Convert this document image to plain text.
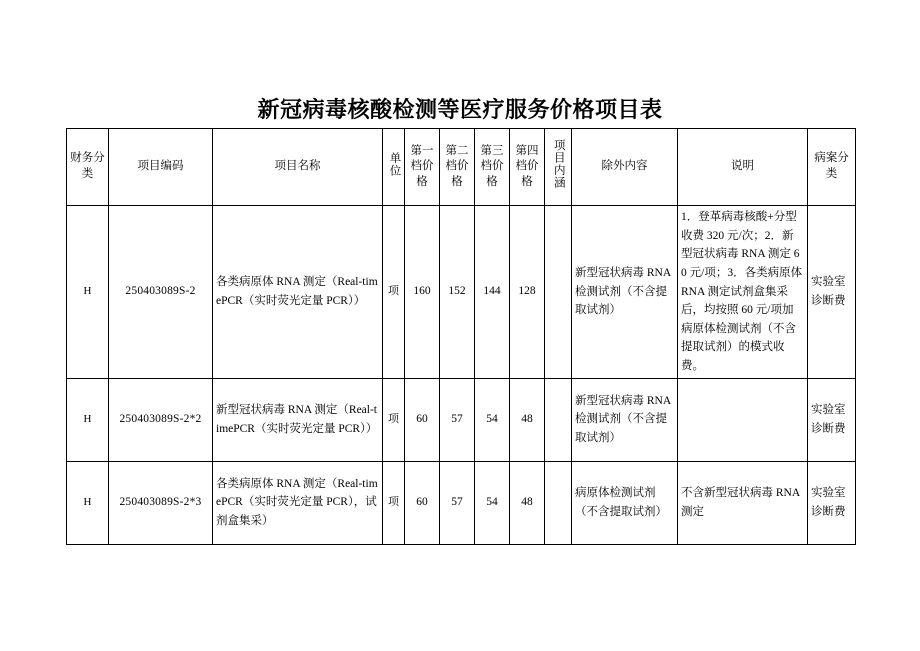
新冠病毒核酸检测等医疗服务价格项目表
财务分类	项目编码	项目名称	单位	第一档价格	第二档价格	第三档价格	第四档价格	项目内涵	除外内容	说明	病案分类
H	250403089S-2	各类病原体 RNA 测定（Real-timePCR（实时荧光定量 PCR））	项	160	152	144	128		新型冠状病毒 RNA 检测试剂（不含提取试剂）	1．登革病毒核酸+分型收费 320 元/次；2．新型冠状病毒 RNA 测定 60 元/项；3．各类病原体 RNA 测定试剂盒集采后，均按照 60 元/项加病原体检测试剂（不含提取试剂）的模式收费。	实验室诊断费
H	250403089S-2*2	新型冠状病毒 RNA 测定（Real-timePCR（实时荧光定量 PCR））	项	60	57	54	48		新型冠状病毒 RNA 检测试剂（不含提取试剂）		实验室诊断费
H	250403089S-2*3	各类病原体 RNA 测定（Real-timePCR（实时荧光定量 PCR），试剂盒集采）	项	60	57	54	48		病原体检测试剂（不含提取试剂）	不含新型冠状病毒 RNA 测定	实验室诊断费
